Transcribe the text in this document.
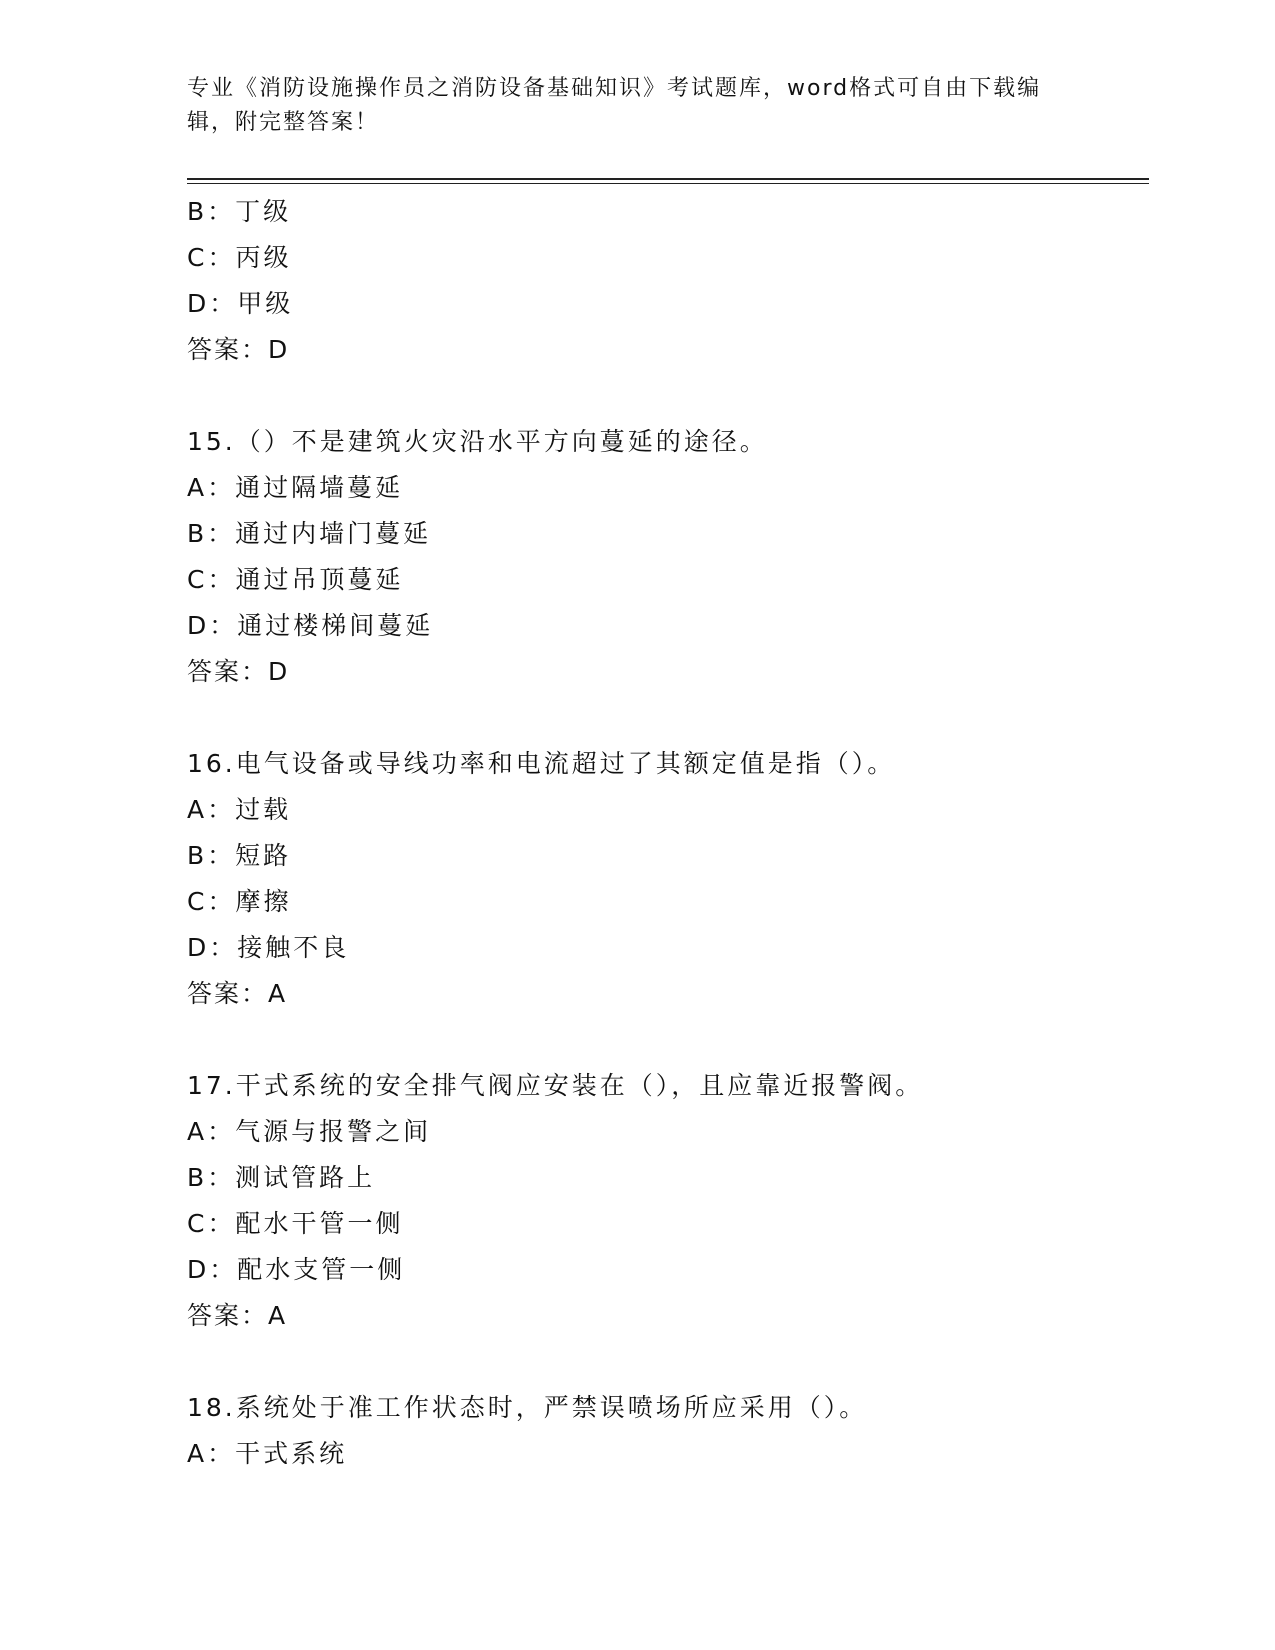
专业《消防设施操作员之消防设备基础知识》考试题库，word格式可自由下载编
辑，附完整答案！
B：丁级
C：丙级
D：甲级
答案：D
15.（）不是建筑火灾沿水平方向蔓延的途径。
A：通过隔墙蔓延
B：通过内墙门蔓延
C：通过吊顶蔓延
D：通过楼梯间蔓延
答案：D
16.电气设备或导线功率和电流超过了其额定值是指（）。
A：过载
B：短路
C：摩擦
D：接触不良
答案：A
17.干式系统的安全排气阀应安装在（），且应靠近报警阀。
A：气源与报警之间
B：测试管路上
C：配水干管一侧
D：配水支管一侧
答案：A
18.系统处于准工作状态时，严禁误喷场所应采用（）。
A：干式系统
